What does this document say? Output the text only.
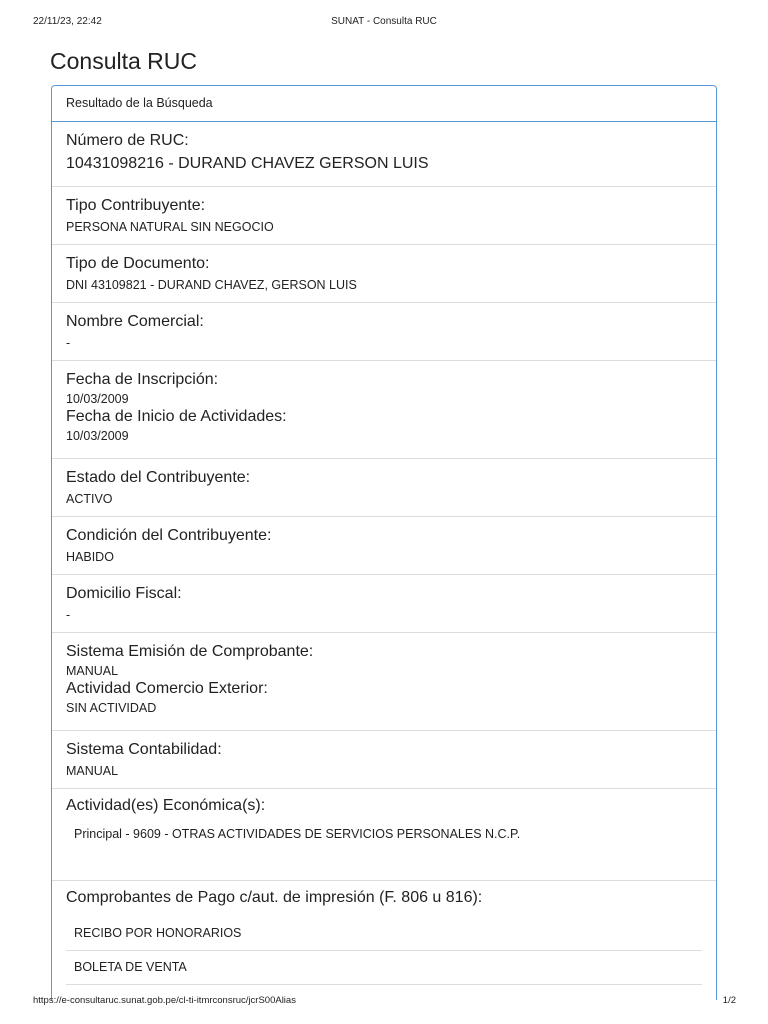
22/11/23, 22:42	SUNAT - Consulta RUC
Consulta RUC
Resultado de la Búsqueda
Número de RUC:
10431098216 - DURAND CHAVEZ GERSON LUIS
Tipo Contribuyente:
PERSONA NATURAL SIN NEGOCIO
Tipo de Documento:
DNI 43109821 - DURAND CHAVEZ, GERSON LUIS
Nombre Comercial:
-
Fecha de Inscripción:
10/03/2009
Fecha de Inicio de Actividades:
10/03/2009
Estado del Contribuyente:
ACTIVO
Condición del Contribuyente:
HABIDO
Domicilio Fiscal:
-
Sistema Emisión de Comprobante:
MANUAL
Actividad Comercio Exterior:
SIN ACTIVIDAD
Sistema Contabilidad:
MANUAL
Actividad(es) Económica(s):
Principal - 9609 - OTRAS ACTIVIDADES DE SERVICIOS PERSONALES N.C.P.
Comprobantes de Pago c/aut. de impresión (F. 806 u 816):
RECIBO POR HONORARIOS
BOLETA DE VENTA
https://e-consultaruc.sunat.gob.pe/cl-ti-itmrconsruc/jcrS00Alias	1/2
